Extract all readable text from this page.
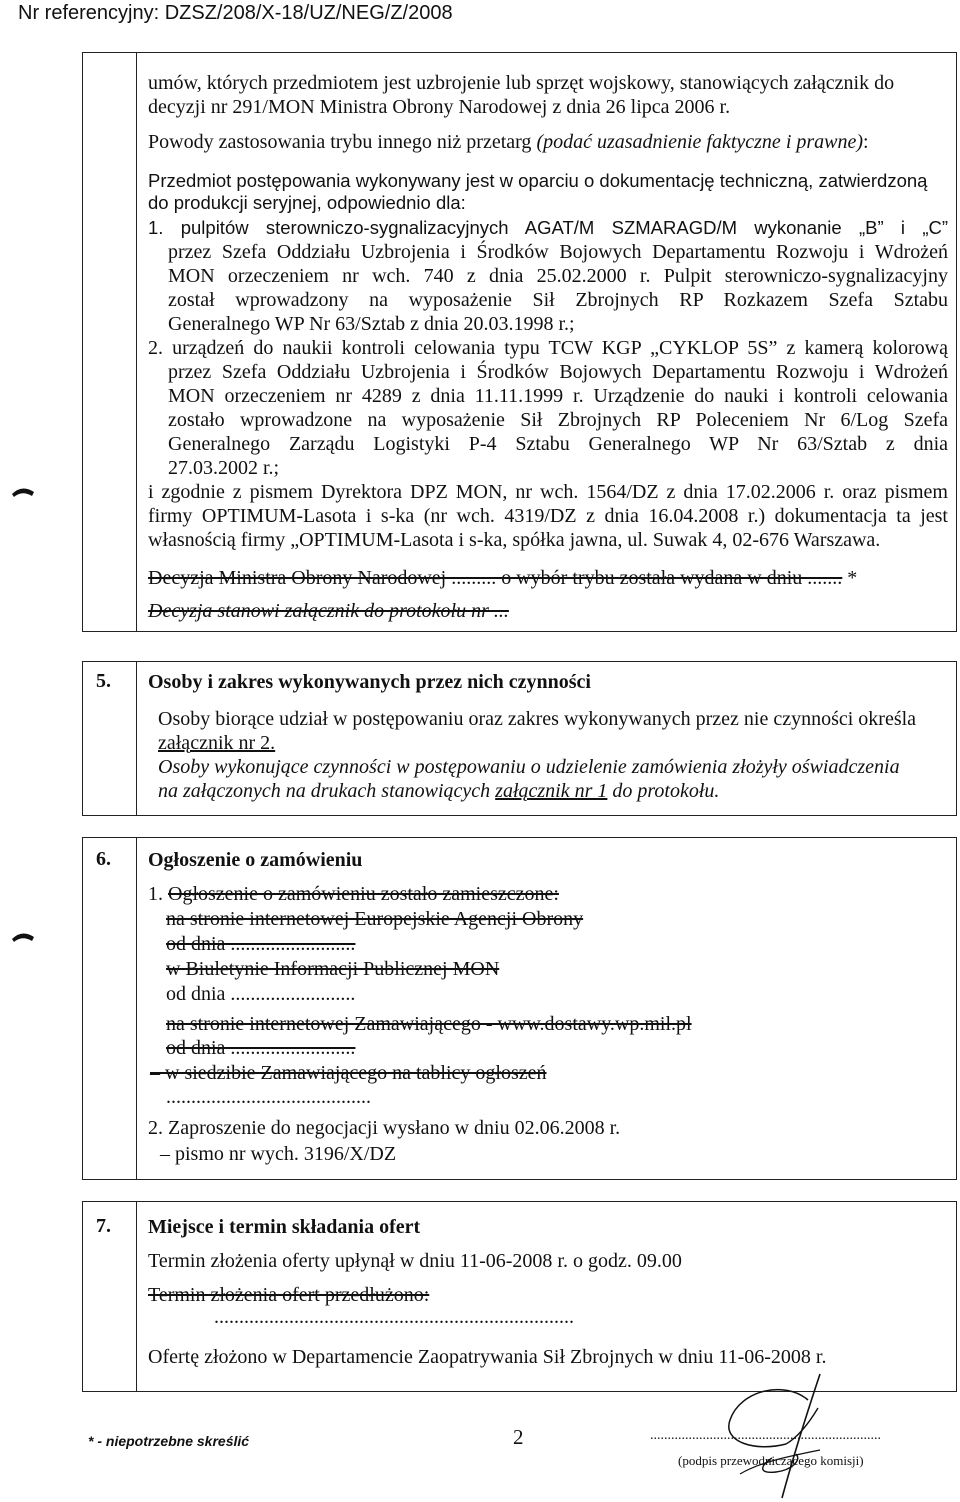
Nr referencyjny: DZSZ/208/X-18/UZ/NEG/Z/2008
umów, których przedmiotem jest uzbrojenie lub sprzęt wojskowy, stanowiących załącznik do
decyzji nr 291/MON Ministra Obrony Narodowej z dnia 26 lipca 2006 r.
Powody zastosowania trybu innego niż przetarg (podać uzasadnienie faktyczne i prawne):
Przedmiot postępowania wykonywany jest w oparciu o dokumentację techniczną, zatwierdzoną
do produkcji seryjnej, odpowiednio dla:
1. pulpitów sterowniczo-sygnalizacyjnych AGAT/M SZMARAGD/M wykonanie „B” i „C”
przez Szefa Oddziału Uzbrojenia i Środków Bojowych Departamentu Rozwoju i Wdrożeń
MON orzeczeniem nr wch. 740 z dnia 25.02.2000 r. Pulpit sterowniczo-sygnalizacyjny
został wprowadzony na wyposażenie Sił Zbrojnych RP Rozkazem Szefa Sztabu
Generalnego WP Nr 63/Sztab z dnia 20.03.1998 r.;
2. urządzeń do naukii kontroli celowania typu TCW KGP „CYKLOP 5S” z kamerą kolorową
przez Szefa Oddziału Uzbrojenia i Środków Bojowych Departamentu Rozwoju i Wdrożeń
MON orzeczeniem nr 4289 z dnia 11.11.1999 r. Urządzenie do nauki i kontroli celowania
zostało wprowadzone na wyposażenie Sił Zbrojnych RP Poleceniem Nr 6/Log Szefa
Generalnego Zarządu Logistyki P-4 Sztabu Generalnego WP Nr 63/Sztab z dnia
27.03.2002 r.;
i zgodnie z pismem Dyrektora DPZ MON, nr wch. 1564/DZ z dnia 17.02.2006 r. oraz pismem
firmy OPTIMUM-Lasota i s-ka (nr wch. 4319/DZ z dnia 16.04.2008 r.) dokumentacja ta jest
własnością firmy „OPTIMUM-Lasota i s-ka, spółka jawna, ul. Suwak 4, 02-676 Warszawa.
Decyzja Ministra Obrony Narodowej ......... o wybór trybu została wydana w dniu ....... *
Decyzja stanowi załącznik do protokołu nr ...
5. Osoby i zakres wykonywanych przez nich czynności
Osoby biorące udział w postępowaniu oraz zakres wykonywanych przez nie czynności określa
załącznik nr 2.
Osoby wykonujące czynności w postępowaniu o udzielenie zamówienia złożyły oświadczenia
na załączonych na drukach stanowiących załącznik nr 1 do protokołu.
6. Ogłoszenie o zamówieniu
1. Ogłoszenie o zamówieniu zostało zamieszczone:
na stronie internetowej Europejskie Agencji Obrony
od dnia .........................
w Biuletynie Informacji Publicznej MON
od dnia .........................
na stronie internetowej Zamawiającego - www.dostawy.wp.mil.pl
od dnia .........................
– w siedzibie Zamawiającego na tablicy ogłoszeń
.........................................
2. Zaproszenie do negocjacji wysłano w dniu 02.06.2008 r.
– pismo nr wych. 3196/X/DZ
7. Miejsce i termin składania ofert
Termin złożenia oferty upłynął w dniu 11-06-2008 r. o godz. 09.00
Termin złożenia ofert przedłużono:
........................................................................
Ofertę złożono w Departamencie Zaopatrywania Sił Zbrojnych w dniu 11-06-2008 r.
* - niepotrzebne skreślić	2	..................................................................
(podpis przewodniczącego komisji)
